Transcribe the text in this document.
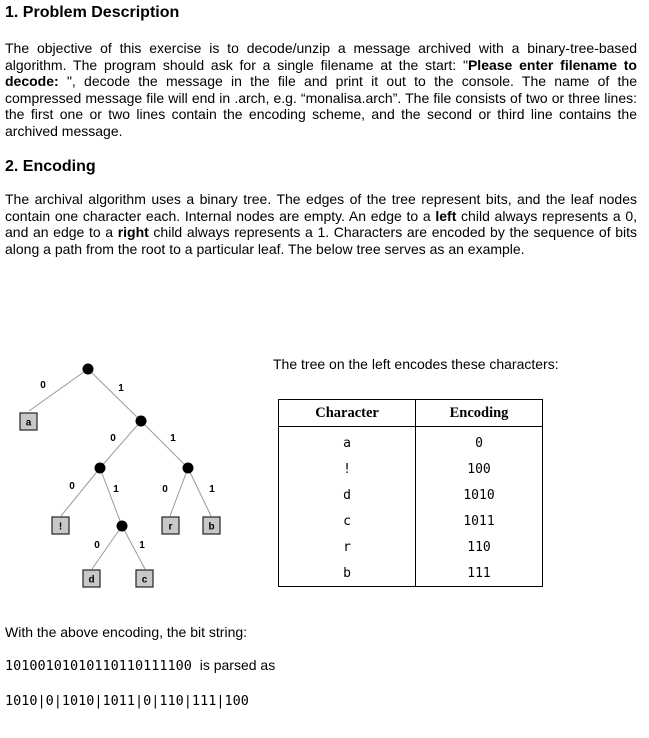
1. Problem Description

The objective of this exercise is to decode/unzip a message archived with a binary-tree-based algorithm. The program should ask for a single filename at the start: "Please enter filename to decode: ", decode the message in the file and print it out to the console. The name of the compressed message file will end in .arch, e.g. “monalisa.arch”. The file consists of two or three lines: the first one or two lines contain the encoding scheme, and the second or third line contains the archived message.

2. Encoding

The archival algorithm uses a binary tree. The edges of the tree represent bits, and the leaf nodes contain one character each. Internal nodes are empty. An edge to a left child always represents a 0, and an edge to a right child always represents a 1. Characters are encoded by the sequence of bits along a path from the root to a particular leaf. The below tree serves as an example.

a
!
d	c
r	b
0	1
0	1
0	1	0	1
0	1
The tree on the left encodes these characters:
Character	Encoding
a	0
!	100
d	1010
c	1011
r	110
b	111

With the above encoding, the bit string:

10100101010110110111100 is parsed as

1010|0|1010|1011|0|110|111|100
